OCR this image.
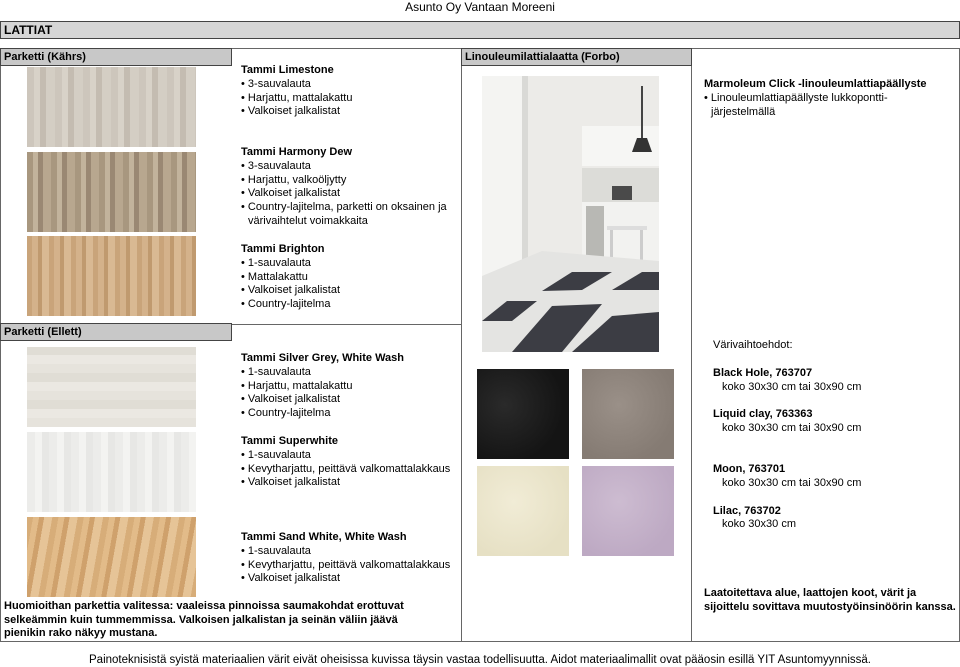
Asunto Oy Vantaan Moreeni
LATTIAT
Parketti (Kährs)
Tammi Limestone
• 3-sauvalauta
• Harjattu, mattalakattu
• Valkoiset jalkalistat
Tammi Harmony Dew
• 3-sauvalauta
• Harjattu, valkoöljytty
• Valkoiset jalkalistat
• Country-lajitelma, parketti on oksainen ja
värivaihtelut voimakkaita
Tammi Brighton
• 1-sauvalauta
• Mattalakattu
• Valkoiset jalkalistat
• Country-lajitelma
Parketti (Ellett)
Tammi Silver Grey, White Wash
• 1-sauvalauta
• Harjattu, mattalakattu
• Valkoiset jalkalistat
• Country-lajitelma
Tammi Superwhite
• 1-sauvalauta
• Kevytharjattu, peittävä valkomattalakkaus
• Valkoiset jalkalistat
Tammi Sand White, White Wash
• 1-sauvalauta
• Kevytharjattu, peittävä valkomattalakkaus
• Valkoiset jalkalistat
Huomioithan parkettia valitessa: vaaleissa pinnoissa saumakohdat erottuvat selkeämmin kuin tummemmissa. Valkoisen jalkalistan ja seinän väliin jäävä pienikin rako näkyy mustana.
Linouleumilattialaatta (Forbo)
Marmoleum Click -linouleumlattiapäällyste
• Linouleumlattiapäällyste lukkopontti-
järjestelmällä
Värivaihtoehdot:
Black Hole, 763707
koko 30x30 cm tai 30x90 cm
Liquid clay, 763363
koko 30x30 cm tai 30x90 cm
Moon, 763701
koko 30x30 cm tai 30x90 cm
Lilac, 763702
koko 30x30 cm
Laatoitettava alue, laattojen koot, värit ja sijoittelu sovittava muutostyöinsinöörin kanssa.
Painoteknisistä syistä materiaalien värit eivät oheisissa kuvissa täysin vastaa todellisuutta. Aidot materiaalimallit ovat pääosin esillä YIT Asuntomyynnissä.
